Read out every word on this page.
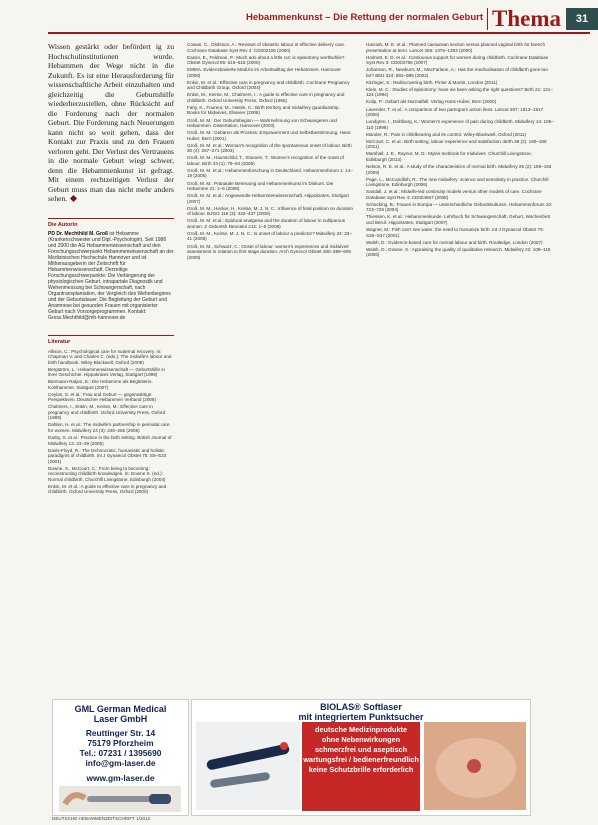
Hebammenkunst – Die Rettung der normalen Geburt Thema	31
Wissen gestärkt oder befördert ig zu Hochschulinstitutionen wurde. Hebammen der Wege nicht in die Zukunft. Es ist eine Herausforderung für wissenschaftliche Arbeit einzuhalten und gleichzeitig die Geburtshilfe wiederherzustellen, ohne Rücksicht auf die Forderung nach der normalen Geburt. Die Forderung nach Neuerungen kann nicht so weit gehen, dass der Kontakt zur Praxis und zu den Frauen verloren geht. Der Verlust des Vertrauens in die normale Geburt wiegt schwer, denn die Hebammenkunst ist gefragt. Mit einem rechtzeitigen Verlust der Geburt muss man das nicht mehr anders sehen.
Die Autorin
PD Dr. Mechthild M. Groß ist Hebamme (Krankenschwester und Dipl.-Psychologin). Seit 1986 und 2000 die AG Hebammenwissenschaft und den Forschungsschwerpunkt Hebammenwissenschaft an der Medizinischen Hochschule Hannover und ist Mitherausgeberin der Zeitschrift für Hebammenwissenschaft. Derzeitige Forschungsschwerpunkte: Die Verlängerung der physiologischen Geburt, intrapartale Diagnostik und Wehenmessung bei Schwangerschaft, nach Organtransplantation, der Vergleich des Wehenbeginns und der Geburtsdauer. Die Begleitung der Geburt und Anamnese bei gesunden Frauen mit organisierter Geburt nach Vorsorgeprogrammen. Kontakt:
Gross.Mechthild@mh-hannover.de
Literatur

Allison, C.: Psychological care for maternal recovery. In: Chapman V. and Charles C. (eds.): The midwife's labour and birth handbook. Wiley-Blackwell, Oxford (2009)

Bergström, L.: Hebammenwissenschaft — Geburtshilfe in ihrer Geschichte. Hippokrates Verlag, Stuttgart (1999)

Biermann-Ratjen, E.: Die Hebamme als Begleiterin. Kohlhammer, Stuttgart (2007)

Ceylan, S. et al.: Frau und Geburt — gegenwärtige Perspektiven. Deutscher Hebammen Verband (2008)

Chalmers, I., Enkin, M., Keirse, M.: Effective care in pregnancy and childbirth. Oxford University Press, Oxford (1989)

Dahlen, H. et al.: The midwife's partnership in perinatal care for women. Midwifery 24 (3): 246–256 (2008)

Darby, S. et al.: Practice in the birth setting. British Journal of Midwifery 13: 23–29 (2005)

Davis-Floyd, R.: The technocratic, humanistic and holistic paradigms of childbirth. Int J Gynaecol Obstet 75: S5–S23 (2001)

Downe, S., McCourt, C.: From being to becoming: reconstructing childbirth knowledges. In: Downe S. (ed.): Normal childbirth. Churchill Livingstone, Edinburgh (2004)

Enkin, M. et al.: A guide to effective care in pregnancy and childbirth. Oxford University Press, Oxford (2000)

Cowan, C., Olofsson, A.: Reviews of obstetric labour in effective delivery care. Cochrane Database Syst Rev 2: CD002106 (2000)

Eason, E., Feldman, P.: Much ado about a little cut: is episiotomy worthwhile? Obstet Gynecol 95: 616–618 (2000)

EMMA: Evidenzbasierte Medizin im Arbeitsalltag der Hebammen. Hannover (2008)

Enkin, M. et al.: Effective care in pregnancy and childbirth. Cochrane Pregnancy and Childbirth Group, Oxford (2004)

Enkin, M., Keirse, M., Chalmers, I.: A guide to effective care in pregnancy and childbirth. Oxford University Press, Oxford (1995)

Fahy, K., Foureur, M., Hastie, C.: Birth territory and midwifery guardianship. Books for Midwives, Elsevier (2008)

Groß, M. M.: Der Geburtsbeginn — Wahrnehmung von Schwangeren und Hebammen. Dissertation, Hannover (2003)

Groß, M. M.: Gebären als Prozess. Empowerment und Selbstbestimmung. Hans Huber, Bern (2001)

Groß, M. M. et al.: Woman's recognition of the spontaneous onset of labour. Birth 30 (4): 267–271 (2003)

Groß, M. M., Haunschild, T., Stoexen, T.: Women's recognition of the onset of labour. Birth 33 (1): 79–84 (2006)

Groß, M. M. et al.: Hebammenforschung in Deutschland. Hebammenforum 1: 14–19 (2005)

Groß, M. M.: Pränatale Betreuung und Hebammenkunst im Diskurs. Die Hebamme 21: 1–6 (2008)

Groß, M. M. et al.: Angewandte Hebammenwissenschaft. Hippokrates, Stuttgart (2007)

Groß, M. M., Hecker, H., Keirse, M. J. N. C.: Influence of fetal position on duration of labour. BJOG 116 (3): 432–437 (2009)

Groß, M. M. et al.: Epidural analgesia and the duration of labour in nulliparous women. Z Geburtsh Neonatol 212: 1–5 (2008)

Groß, M. M., Keirse, M. J. N. C.: Is onset of labour a predictor? Midwifery 24: 33–41 (2008)

Groß, M. M., Schwarz, C.: Onset of labour: women's experiences and midwives' assessment in relation to first stage duration. Arch Gynecol Obstet 280: 899–905 (2009)

Hannah, M. E. et al.: Planned caesarean section versus planned vaginal birth for breech presentation at term. Lancet 356: 1375–1383 (2000)

Hodnett, E. D. et al.: Continuous support for women during childbirth. Cochrane Database Syst Rev 3: CD003766 (2007)

Johanson, R., Newburn, M., MacFarlane, A.: Has the medicalisation of childbirth gone too far? BMJ 324: 892–895 (2002)

Kitzinger, S.: Rediscovering birth. Pinter & Martin, London (2011)

Klein, M. C.: Studies of episiotomy: have we been asking the right questions? Birth 21: 121–124 (1994)

Kolip, P.: Geburt als Normalfall. Verlag Hans Huber, Bern (2000)

Lavender, T. et al.: A comparison of two partogram action lines. Lancet 367: 1813–1817 (2006)

Lundgren, I., Dahlberg, K.: Women's experience of pain during childbirth. Midwifery 14: 105–110 (1998)

Mander, R.: Pain in childbearing and its control. Wiley-Blackwell, Oxford (2011)

McCourt, C. et al.: Birth setting, labour experience and satisfaction. Birth 38 (2): 180–188 (2011)

Marshall, J. E., Raynor, M. D.: Myles textbook for midwives. Churchill Livingstone, Edinburgh (2014)

Nelson, R. E. et al.: A study of the characteristics of normal birth. Midwifery 25 (2): 186–193 (2009)

Page, L., McCandlish, R.: The new midwifery: science and sensitivity in practice. Churchill Livingstone, Edinburgh (2006)

Sandall, J. et al.: Midwife-led continuity models versus other models of care. Cochrane Database Syst Rev 4: CD004667 (2008)

Schücking, B.: Frauen in Europa — unterschiedliche Geburtskulturen. Hebammenforum 10: 723–729 (2004)

Thiessen, K. et al.: Hebammenkunde. Lehrbuch für Schwangerschaft, Geburt, Wochenbett und Beruf. Hippokrates, Stuttgart (2007)

Wagner, M.: Fish can't see water: the need to humanize birth. Int J Gynaecol Obstet 75: S25–S37 (2001)

Walsh, D.: Evidence-based care for normal labour and birth. Routledge, London (2007)

Walsh, D., Downe, S.: Appraising the quality of qualitative research. Midwifery 22: 108–119 (2006)

GML German Medical
Laser GmbH
Reuttinger Str. 14
75179 Pforzheim
Tel.: 07231 / 1395690
info@gm-laser.de
www.gm-laser.de
BIOLAS® Softlaser
mit integriertem Punktsucher
deutsche Medizinprodukte
ohne Nebenwirkungen
schmerzfrei und aseptisch
wartungsfrei / bedienerfreundlich
keine Schutzbrille erforderlich
DEUTSCHE HEBAMMENZEITSCHRIFT 1/2012
